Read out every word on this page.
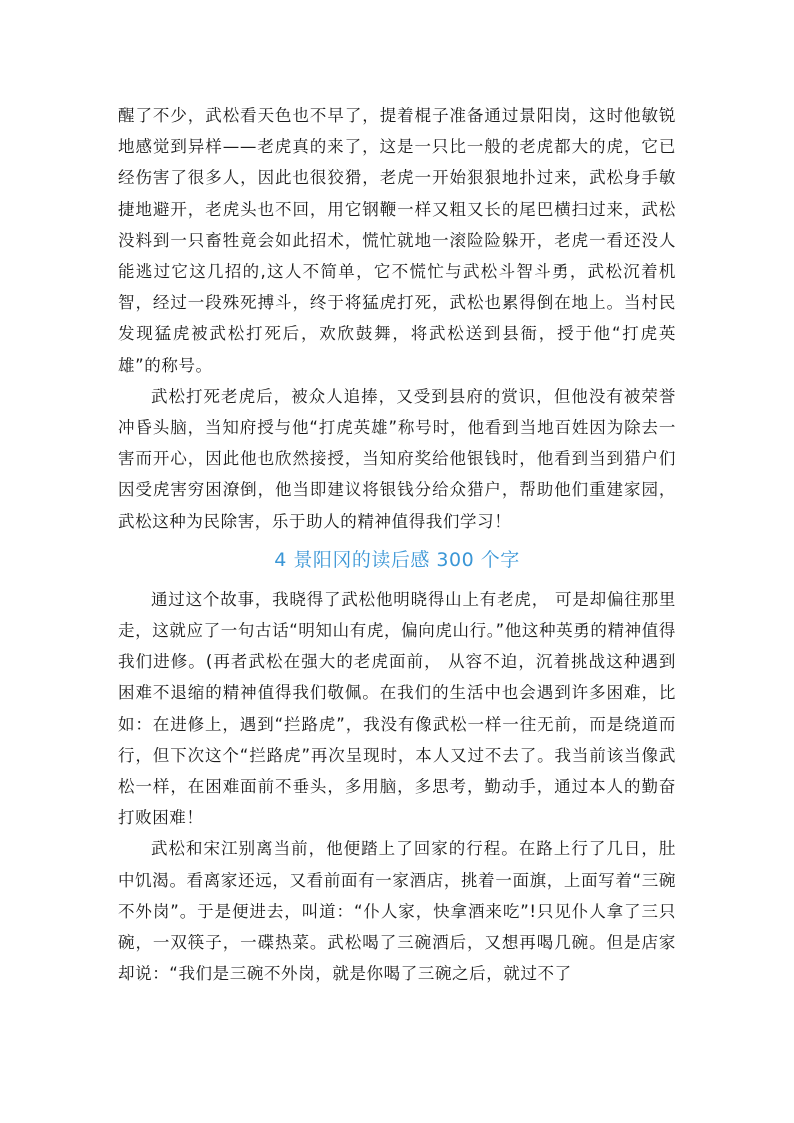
醒了不少，武松看天色也不早了，提着棍子准备通过景阳岗，这时他敏锐地感觉到异样——老虎真的来了，这是一只比一般的老虎都大的虎，它已经伤害了很多人，因此也很狡猾，老虎一开始狠狠地扑过来，武松身手敏捷地避开，老虎头也不回，用它钢鞭一样又粗又长的尾巴横扫过来，武松没料到一只畜牲竟会如此招术，慌忙就地一滚险险躲开，老虎一看还没人能逃过它这几招的,这人不简单，它不慌忙与武松斗智斗勇，武松沉着机智，经过一段殊死搏斗，终于将猛虎打死，武松也累得倒在地上。当村民发现猛虎被武松打死后，欢欣鼓舞，将武松送到县衙，授于他“打虎英雄”的称号。

武松打死老虎后，被众人追捧，又受到县府的赏识，但他没有被荣誉冲昏头脑，当知府授与他“打虎英雄”称号时，他看到当地百姓因为除去一害而开心，因此他也欣然接授，当知府奖给他银钱时，他看到当到猎户们因受虎害穷困潦倒，他当即建议将银钱分给众猎户，帮助他们重建家园，武松这种为民除害，乐于助人的精神值得我们学习！

4 景阳冈的读后感 300 个字

通过这个故事，我晓得了武松他明晓得山上有老虎， 可是却偏往那里走，这就应了一句古话“明知山有虎，偏向虎山行。”他这种英勇的精神值得我们进修。(再者武松在强大的老虎面前， 从容不迫，沉着挑战这种遇到困难不退缩的精神值得我们敬佩。在我们的生活中也会遇到许多困难，比如：在进修上，遇到“拦路虎”，我没有像武松一样一往无前，而是绕道而行，但下次这个“拦路虎”再次呈现时，本人又过不去了。我当前该当像武松一样，在困难面前不垂头，多用脑，多思考，勤动手，通过本人的勤奋打败困难！

武松和宋江别离当前，他便踏上了回家的行程。在路上行了几日，肚中饥渴。看离家还远，又看前面有一家酒店，挑着一面旗，上面写着“三碗不外岗”。于是便进去，叫道：“仆人家，快拿酒来吃”!只见仆人拿了三只碗，一双筷子，一碟热菜。武松喝了三碗酒后，又想再喝几碗。但是店家却说：“我们是三碗不外岗，就是你喝了三碗之后，就过不了
